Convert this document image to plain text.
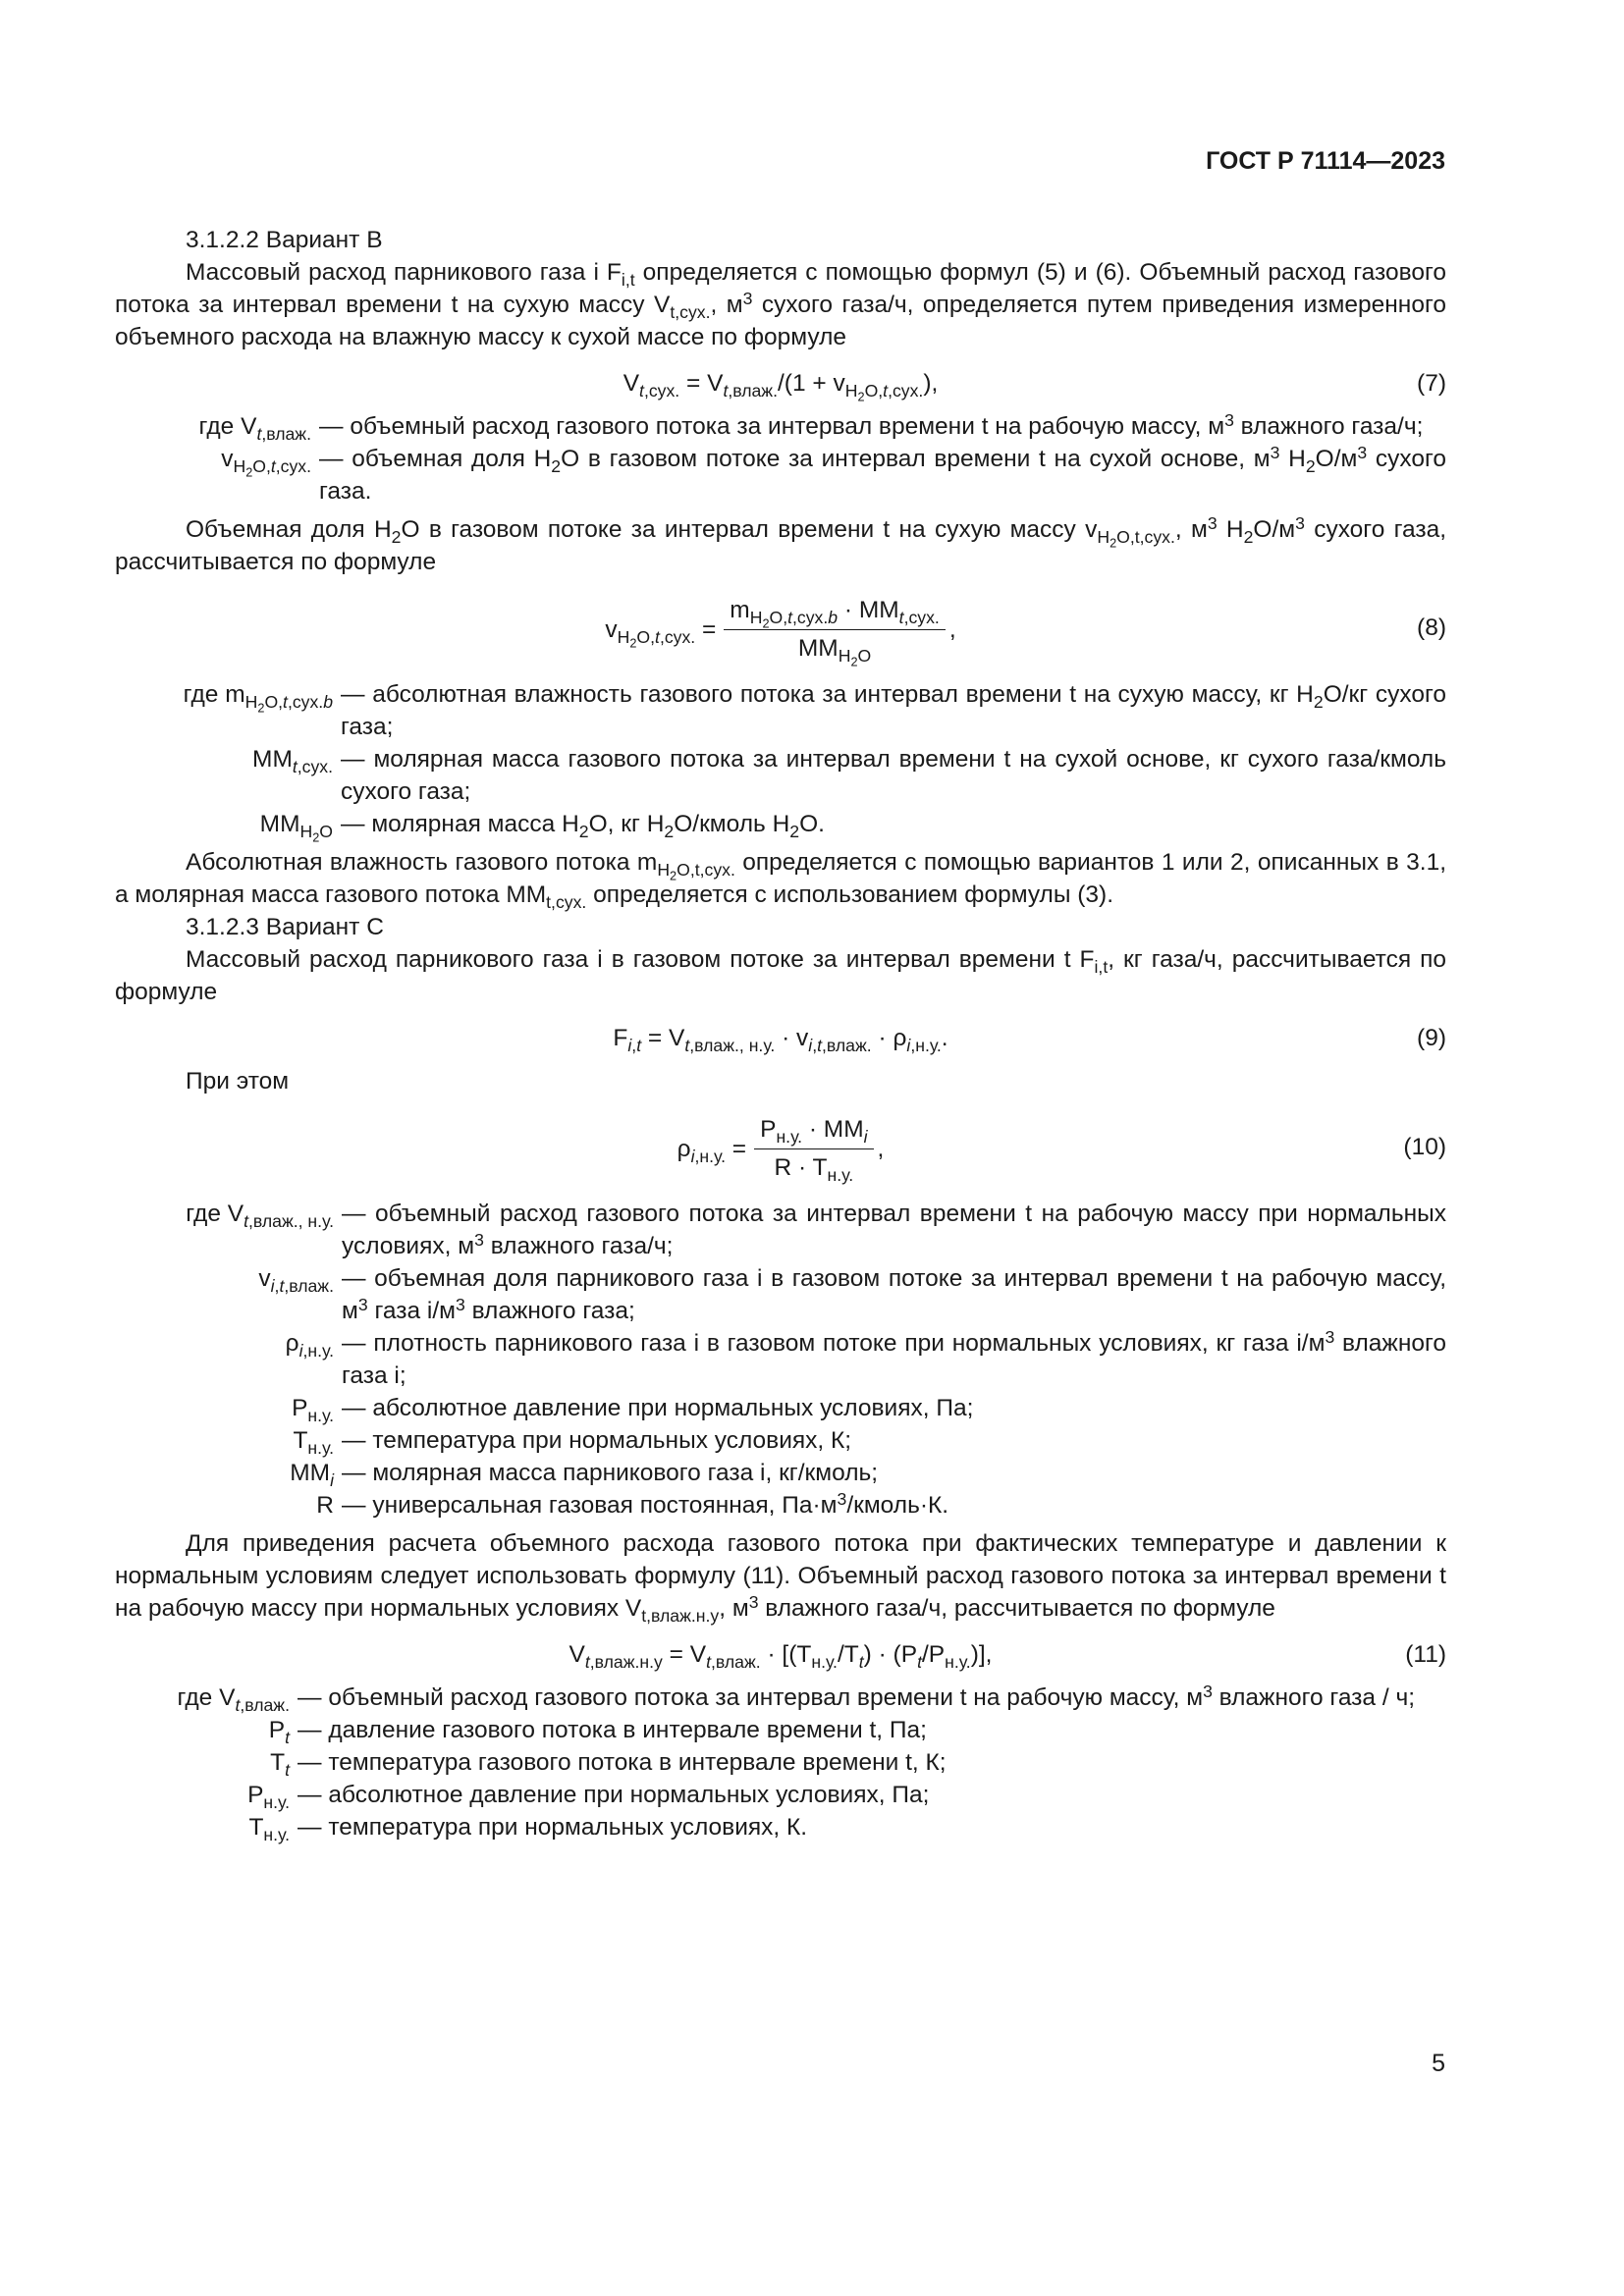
ГОСТ Р 71114—2023

3.1.2.2 Вариант В

Массовый расход парникового газа i $F_{i,t}$ определяется с помощью формул (5) и (6). Объемный расход газового потока за интервал времени t на сухую массу $V_{t,сух.}$, $м^3$ сухого газа/ч, определяется путем приведения измеренного объемного расхода на влажную массу к сухой массе по формуле

$V_{t,сух.} = V_{t,влаж.}/(1 + v_{H_2O,t,сух.})$,	(7)
где $V_{t,влаж.}$	— объемный расход газового потока за интервал времени t на рабочую массу, $м^3$ влажного газа/ч;
$v_{H_2O,t,сух.}$	— объемная доля $H_2O$ в газовом потоке за интервал времени t на сухой основе, $м^3$ $H_2O/м^3$ сухого газа.

Объемная доля $H_2O$ в газовом потоке за интервал времени t на сухую массу $v_{H_2O,t,сух.}$, $м^3$ $H_2O/м^3$ сухого газа, рассчитывается по формуле

$v_{H_2O,t,сух.} = \frac{m_{H_2O,t,сух.b} \cdot MM_{t,сух.}}{MM_{H_2O}}$ ,	(8)
где $m_{H_2O,t,сух.b}$	— абсолютная влажность газового потока за интервал времени t на сухую массу, кг $H_2O/кг$ сухого газа;
$MM_{t,сух.}$	— молярная масса газового потока за интервал времени t на сухой основе, кг сухого газа/кмоль сухого газа;
$MM_{H_2O}$	— молярная масса $H_2O$, кг $H_2O$/кмоль $H_2O$.

Абсолютная влажность газового потока $m_{H_2O,t,сух.}$ определяется с помощью вариантов 1 или 2, описанных в 3.1, а молярная масса газового потока $MM_{t,сух.}$ определяется с использованием формулы (3).

3.1.2.3 Вариант С

Массовый расход парникового газа i в газовом потоке за интервал времени t $F_{i,t}$, кг газа/ч, рассчитывается по формуле

$F_{i,t} = V_{t,влаж., н.у.} \cdot v_{i,t,влаж.} \cdot \rho_{i,н.у.}$.	(9)

При этом

$\rho_{i,н.у.} = \frac{P_{н.у.} \cdot MM_i}{R \cdot T_{н.у.}}$ ,	(10)
где $V_{t,влаж., н.у.}$	— объемный расход газового потока за интервал времени t на рабочую массу при нормальных условиях, $м^3$ влажного газа/ч;
$v_{i,t,влаж.}$	— объемная доля парникового газа i в газовом потоке за интервал времени t на рабочую массу, $м^3$ газа $i/м^3$ влажного газа;
$\rho_{i,н.у.}$	— плотность парникового газа i в газовом потоке при нормальных условиях, кг газа $i/м^3$ влажного газа i;
$P_{н.у.}$	— абсолютное давление при нормальных условиях, Па;
$T_{н.у.}$	— температура при нормальных условиях, К;
$MM_i$	— молярная масса парникового газа i, кг/кмоль;
R	— универсальная газовая постоянная, $Па\cdot м^3/кмоль\cdot К$.

Для приведения расчета объемного расхода газового потока при фактических температуре и давлении к нормальным условиям следует использовать формулу (11). Объемный расход газового потока за интервал времени t на рабочую массу при нормальных условиях $V_{t,влаж.н.у}$, $м^3$ влажного газа/ч, рассчитывается по формуле

$V_{t,влаж.н.у} = V_{t,влаж.} \cdot [(T_{н.у.}/T_t) \cdot (P_t/P_{н.у.})]$,	(11)
где $V_{t,влаж.}$	— объемный расход газового потока за интервал времени t на рабочую массу, $м^3$ влажного газа / ч;
$P_t$	— давление газового потока в интервале времени t, Па;
$T_t$	— температура газового потока в интервале времени t, К;
$P_{н.у.}$	— абсолютное давление при нормальных условиях, Па;
$T_{н.у.}$	— температура при нормальных условиях, К.
5
